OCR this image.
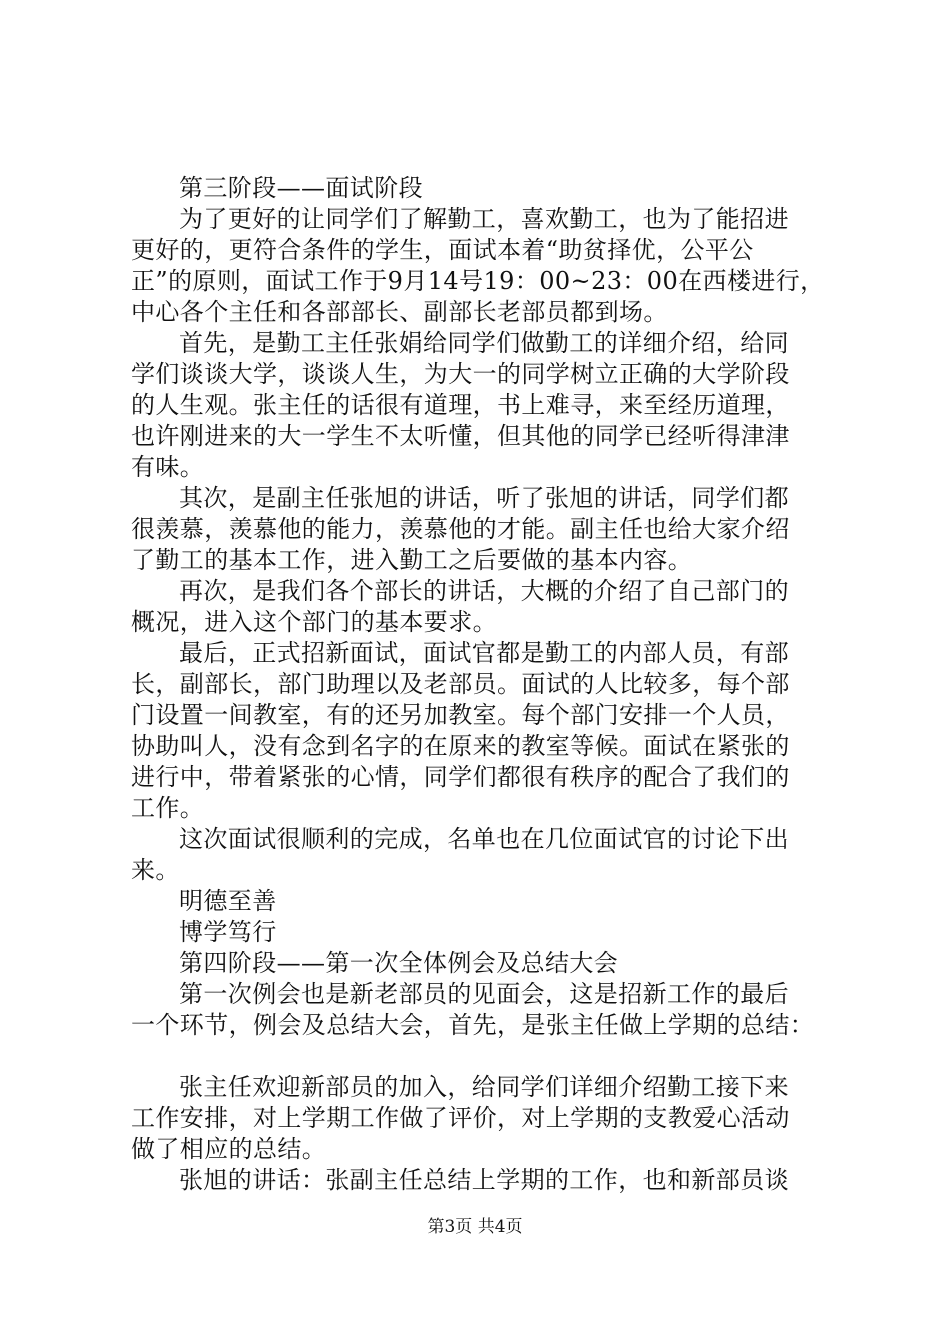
第三阶段——面试阶段
为了更好的让同学们了解勤工，喜欢勤工，也为了能招进
更好的，更符合条件的学生，面试本着“助贫择优，公平公
正”的原则，面试工作于9月14号19：00~23：00在西楼进行，
中心各个主任和各部部长、副部长老部员都到场。
首先，是勤工主任张娟给同学们做勤工的详细介绍，给同
学们谈谈大学，谈谈人生，为大一的同学树立正确的大学阶段
的人生观。张主任的话很有道理，书上难寻，来至经历道理，
也许刚进来的大一学生不太听懂，但其他的同学已经听得津津
有味。
其次，是副主任张旭的讲话，听了张旭的讲话，同学们都
很羡慕，羡慕他的能力，羡慕他的才能。副主任也给大家介绍
了勤工的基本工作，进入勤工之后要做的基本内容。
再次，是我们各个部长的讲话，大概的介绍了自己部门的
概况，进入这个部门的基本要求。
最后，正式招新面试，面试官都是勤工的内部人员，有部
长，副部长，部门助理以及老部员。面试的人比较多，每个部
门设置一间教室，有的还另加教室。每个部门安排一个人员，
协助叫人，没有念到名字的在原来的教室等候。面试在紧张的
进行中，带着紧张的心情，同学们都很有秩序的配合了我们的
工作。
这次面试很顺利的完成，名单也在几位面试官的讨论下出
来。
明德至善
博学笃行
第四阶段——第一次全体例会及总结大会
第一次例会也是新老部员的见面会，这是招新工作的最后
一个环节，例会及总结大会，首先，是张主任做上学期的总结：
张主任欢迎新部员的加入，给同学们详细介绍勤工接下来
工作安排，对上学期工作做了评价，对上学期的支教爱心活动
做了相应的总结。
张旭的讲话：张副主任总结上学期的工作，也和新部员谈
第3页 共4页
